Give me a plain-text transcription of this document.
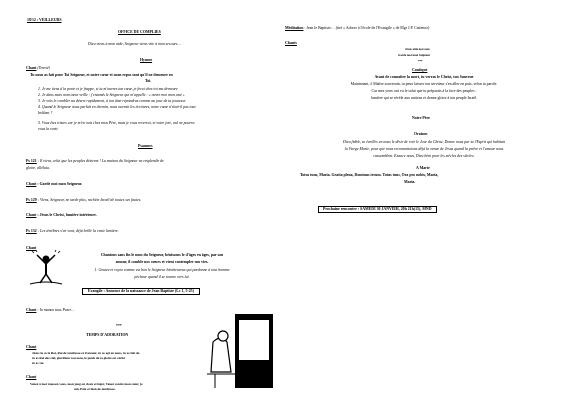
18/12 : VEILLEURS
OFFICE DE COMPLIES
Dieu viens à mon aide, Seigneur viens vite à mon secours…
Hymne
Chant (Tenvié)
Tu nous as fait pour Toi Seigneur, et notre cœur et nous repos tant qu'il ne demeure en
Toi.
1. Je me tiens à la porte et je frappe, si tu m'ouvres ton cœur, je ferai chez toi ma demeure
2. Je dans mais nom cœur veille : j'entends le Seigneur qui m'appelle : « ouvre moi mon ami »
3. Je vois le combler au désert rapidement, à ton âme répondras comme au jour de ta jeunesse
4. Quand le Seigneur nous parlait en chemin, nous ouvrait les écritures, notre cœur n'était-il pas tout
brûlant ?
5. Vous êtes tristes car je m'en vais chez mon Père, mais je vous reverrai, et votre joie, nul ne pourra
vous la ravir.
Psaumes
Ps 121 : Il vient, celui que les peuples désirent ! La maison du Seigneur va resplendir de
gloire, alléluia.
Chant : Garde moi mon Seigneur.
Ps 129 : Viens, Seigneur, ne tarde plus, rachète Israël de toutes ses fautes.
Chant : Jésus le Christ, lumière intérieure.
Ps 132 : Les ténèbres s'en vont, déjà brille la vraie lumière.
Chant
Chantons sans fin le nom du Seigneur, bénissons le d'âges en âges, par son
amour, il comble nos cœurs et vient contempler nos vies.
1. Goutez et voyez comme est bon le Seigneur bienheureux qui pardonne à tout homme
pécheur quand il se tourne vers lui.
Evangile : Annonce de la naissance de Jean Baptiste (Lc 1, 5-25)
Chant : In manus tuas Pater…
***
TEMPS D'ADORATION
Chant
Jésus tu es le Roi, Roi de tendresse et d'amour, tu as agi en nous, tu as fait de
tu es Roi des ciel, glorifions ton nom, le poids de ta gloire est cécité
tu es vie.
Chant
Venez à moi reposez-vous, mon joug est doux et léger, Venez contre mon cœur, je
suis Paix et bien de tendresse.
Méditation : Jean le Baptiste… (tiré « Adorer à l'école de l'Evangile » de Mgr J.P. Cattenoz)
Chants
Jésus aide moi sans
Garde moi mon Seigneur
***
Cantique
Avant de connaître la mort, tu verras le Christ, ton Sauveur
Maintenant, ô Maître souverain, tu peux laisser ton serviteur s'en aller en paix, selon ta parole.
Car mes yeux ont vu le salut que tu préparais à la face des peuples :
lumière qui se révèle aux nations et donne gloire à ton peuple Israël.
Notre Père
Oraison
Dieu fidèle, tu éveilles en nous le désir de voir le Jour du Christ. Donne nous par ta l'Esprit qui habitait
la Vierge Marie, pour que nous reconnaissions déjà la venue de Jésus quand la prière et l'amour nous
rassemblent. Exauce nous, Dieu béni pour les siècles des siècles.
A Marie
Totus tuus, Maria. Gratia plena, Dominus tecum. Totus tuus, Ora pro nobis, Maria,
Maria.
Prochaine rencontre : SAMEDI 30 JANVIER, 20h 21h(15), MND
